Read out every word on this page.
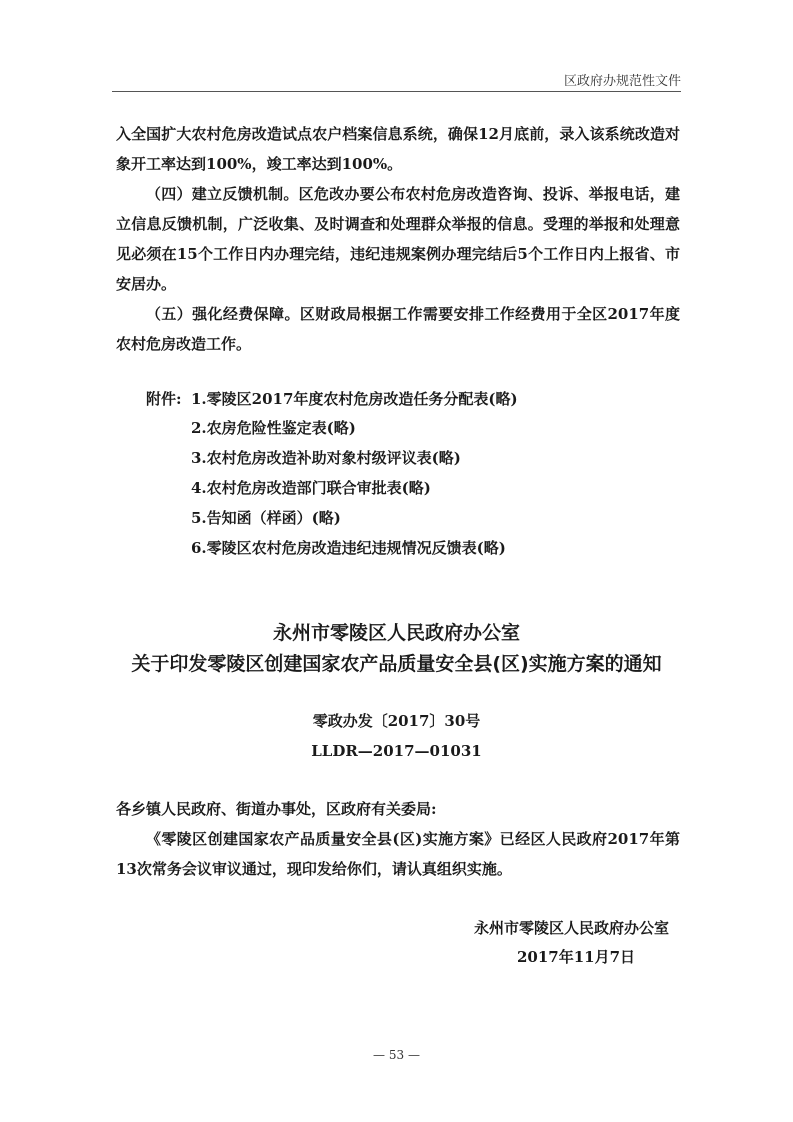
区政府办规范性文件

入全国扩大农村危房改造试点农户档案信息系统，确保12月底前，录入该系统改造对象开工率达到100%，竣工率达到100%。

（四）建立反馈机制。区危改办要公布农村危房改造咨询、投诉、举报电话，建立信息反馈机制，广泛收集、及时调查和处理群众举报的信息。受理的举报和处理意见必须在15个工作日内办理完结，违纪违规案例办理完结后5个工作日内上报省、市安居办。

（五）强化经费保障。区财政局根据工作需要安排工作经费用于全区2017年度农村危房改造工作。

附件: 1.零陵区2017年度农村危房改造任务分配表(略)
2.农房危险性鉴定表(略)
3.农村危房改造补助对象村级评议表(略)
4.农村危房改造部门联合审批表(略)
5.告知函（样函）(略)
6.零陵区农村危房改造违纪违规情况反馈表(略)
永州市零陵区人民政府办公室
关于印发零陵区创建国家农产品质量安全县(区)实施方案的通知
零政办发〔2017〕30号
LLDR—2017—01031

各乡镇人民政府、街道办事处，区政府有关委局:

《零陵区创建国家农产品质量安全县(区)实施方案》已经区人民政府2017年第13次常务会议审议通过，现印发给你们，请认真组织实施。

永州市零陵区人民政府办公室
2017年11月7日
— 53 —
